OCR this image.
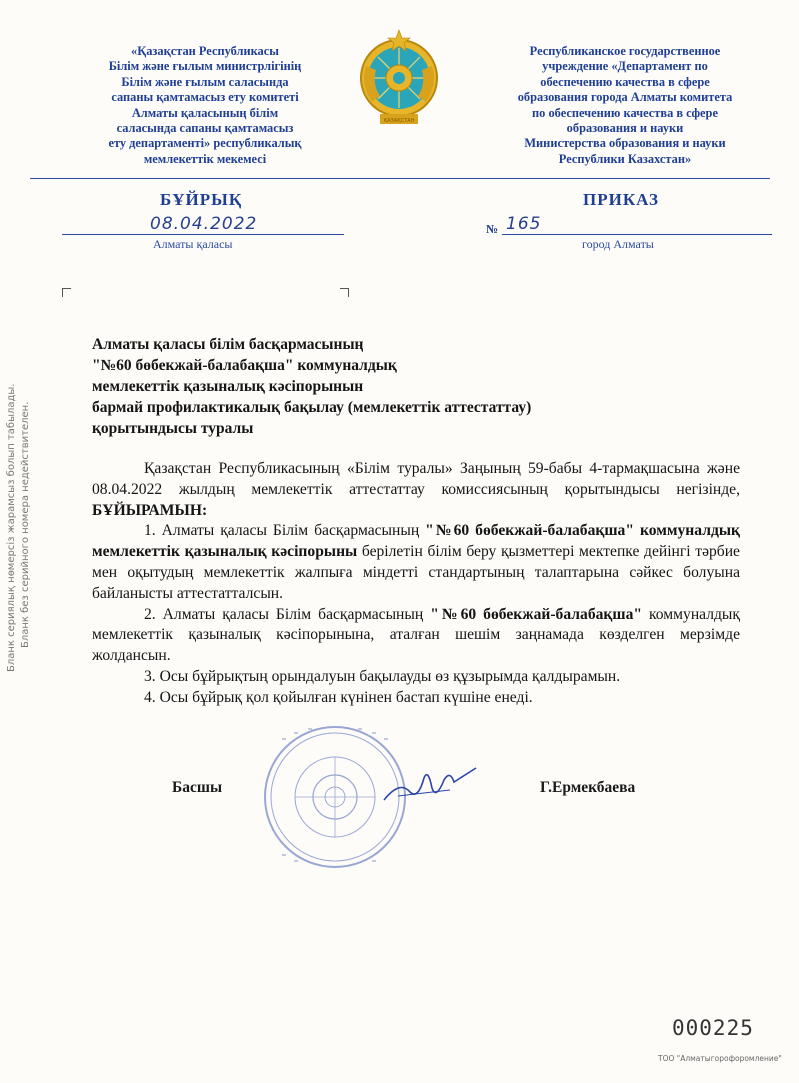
«Қазақстан Республикасы
Білім және ғылым министрлігінің
Білім және ғылым саласында
сапаны қамтамасыз ету комитеті
Алматы қаласының білім
саласында сапаны қамтамасыз
ету департаменті» республикалық
мемлекеттік мекемесі
ҚАЗАҚСТАН
Республиканское государственное
учреждение «Департамент по
обеспечению качества в сфере
образования города Алматы комитета
по обеспечению качества в сфере
образования и науки
Министерства образования и науки
Республики Казахстан»
БҰЙРЫҚ	ПРИКАЗ
08.04.2022
Алматы қаласы
№ 165
город Алматы
Алматы қаласы білім басқармасының
"№60 бөбекжай-балабақша" коммуналдық
мемлекеттік қазыналық кәсіпорынын
бармай профилактикалық бақылау (мемлекеттік аттестаттау)
қорытындысы туралы

Қазақстан Республикасының «Білім туралы» Заңының 59-бабы 4-тармақшасына және 08.04.2022 жылдың мемлекеттік аттестаттау комиссиясының қорытындысы негізінде, БҰЙЫРАМЫН:

1. Алматы қаласы Білім басқармасының "№60 бөбекжай-балабақша" коммуналдық мемлекеттік қазыналық кәсіпорыны берілетін білім беру қызметтері мектепке дейінгі тәрбие мен оқытудың мемлекеттік жалпыға міндетті стандартының талаптарына сәйкес болуына байланысты аттестатталсын.

2. Алматы қаласы Білім басқармасының "№60 бөбекжай-балабақша" коммуналдық мемлекеттік қазыналық кәсіпорынына, аталған шешім заңнамада көзделген мерзімде жолдансын.

3. Осы бұйрықтың орындалуын бақылауды өз құзырымда қалдырамын.

4. Осы бұйрық қол қойылған күнінен бастап күшіне енеді.

Басшы	Г.Ермекбаева
Бланк сериялық нөмерсіз жарамсыз болып табылады. Бланк без серийного номера недействителен.
000225
ТОО "Алматыгорофоромление"
